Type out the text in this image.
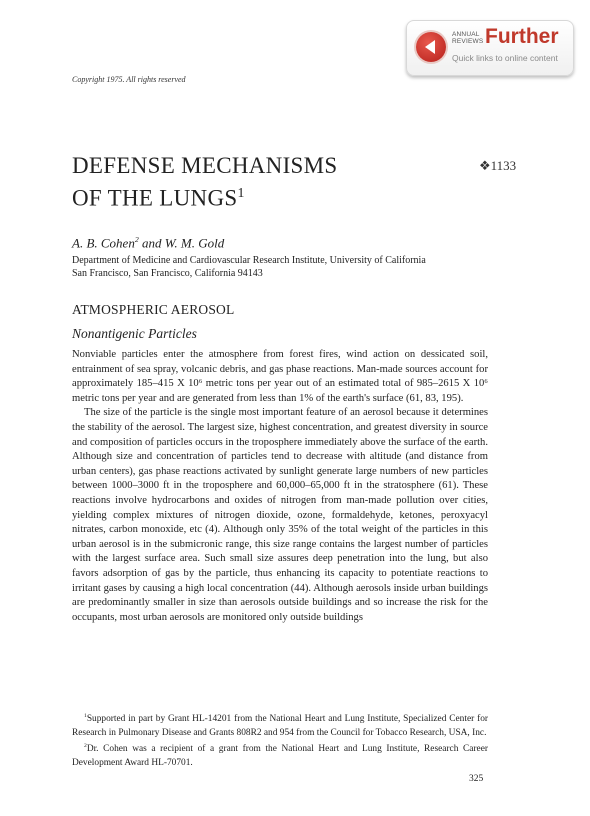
ANNUAL
REVIEWS Further
Quick links to online content
Copyright 1975. All rights reserved
DEFENSE MECHANISMS
OF THE LUNGS$^1$
❖1133
A. B. Cohen$^2$ and W. M. Gold
Department of Medicine and Cardiovascular Research Institute, University of California
San Francisco, San Francisco, California 94143
ATMOSPHERIC AEROSOL
Nonantigenic Particles

Nonviable particles enter the atmosphere from forest fires, wind action on dessicated soil, entrainment of sea spray, volcanic debris, and gas phase reactions. Man-made sources account for approximately 185–415 X 10⁶ metric tons per year out of an estimated total of 985–2615 X 10⁶ metric tons per year and are generated from less than 1% of the earth's surface (61, 83, 195).

The size of the particle is the single most important feature of an aerosol because it determines the stability of the aerosol. The largest size, highest concentration, and greatest diversity in source and composition of particles occurs in the troposphere immediately above the surface of the earth. Although size and concentration of particles tend to decrease with altitude (and distance from urban centers), gas phase reactions activated by sunlight generate large numbers of new particles between 1000–3000 ft in the troposphere and 60,000–65,000 ft in the stratosphere (61). These reactions involve hydrocarbons and oxides of nitrogen from man-made pollution over cities, yielding complex mixtures of nitrogen dioxide, ozone, formaldehyde, ketones, peroxyacyl nitrates, carbon monoxide, etc (4). Although only 35% of the total weight of the particles in this urban aerosol is in the submicronic range, this size range contains the largest number of particles with the largest surface area. Such small size assures deep penetration into the lung, but also favors adsorption of gas by the particle, thus enhancing its capacity to potentiate reactions to irritant gases by causing a high local concentration (44). Although aerosols inside urban buildings are predominantly smaller in size than aerosols outside buildings and so increase the risk for the occupants, most urban aerosols are monitored only outside buildings

$^1$Supported in part by Grant HL-14201 from the National Heart and Lung Institute, Specialized Center for Research in Pulmonary Disease and Grants 808R2 and 954 from the Council for Tobacco Research, USA, Inc.

$^2$Dr. Cohen was a recipient of a grant from the National Heart and Lung Institute, Research Career Development Award HL-70701.

325
